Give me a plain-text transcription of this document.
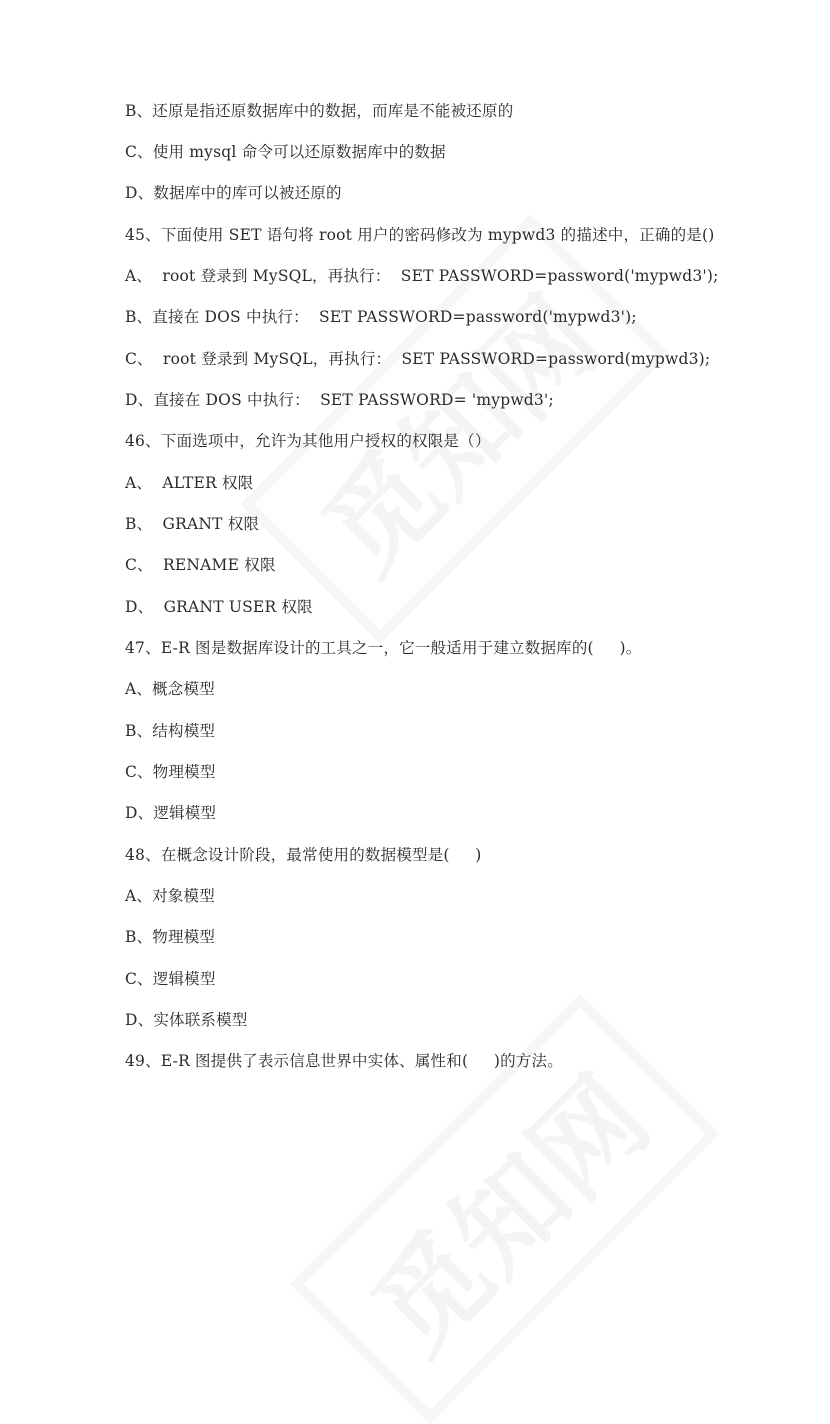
B、还原是指还原数据库中的数据，而库是不能被还原的
C、使用 mysql 命令可以还原数据库中的数据
D、数据库中的库可以被还原的
45、下面使用 SET 语句将 root 用户的密码修改为 mypwd3 的描述中，正确的是()
A、  root 登录到 MySQL，再执行：  SET PASSWORD=password('mypwd3');
B、直接在 DOS 中执行：  SET PASSWORD=password('mypwd3');
C、  root 登录到 MySQL，再执行：  SET PASSWORD=password(mypwd3);
D、直接在 DOS 中执行：  SET PASSWORD= 'mypwd3';
46、下面选项中，允许为其他用户授权的权限是（）
A、  ALTER 权限
B、  GRANT 权限
C、  RENAME 权限
D、  GRANT USER 权限
47、E-R 图是数据库设计的工具之一，它一般适用于建立数据库的(     )。
A、概念模型
B、结构模型
C、物理模型
D、逻辑模型
48、在概念设计阶段，最常使用的数据模型是(     )
A、对象模型
B、物理模型
C、逻辑模型
D、实体联系模型
49、E-R 图提供了表示信息世界中实体、属性和(     )的方法。
